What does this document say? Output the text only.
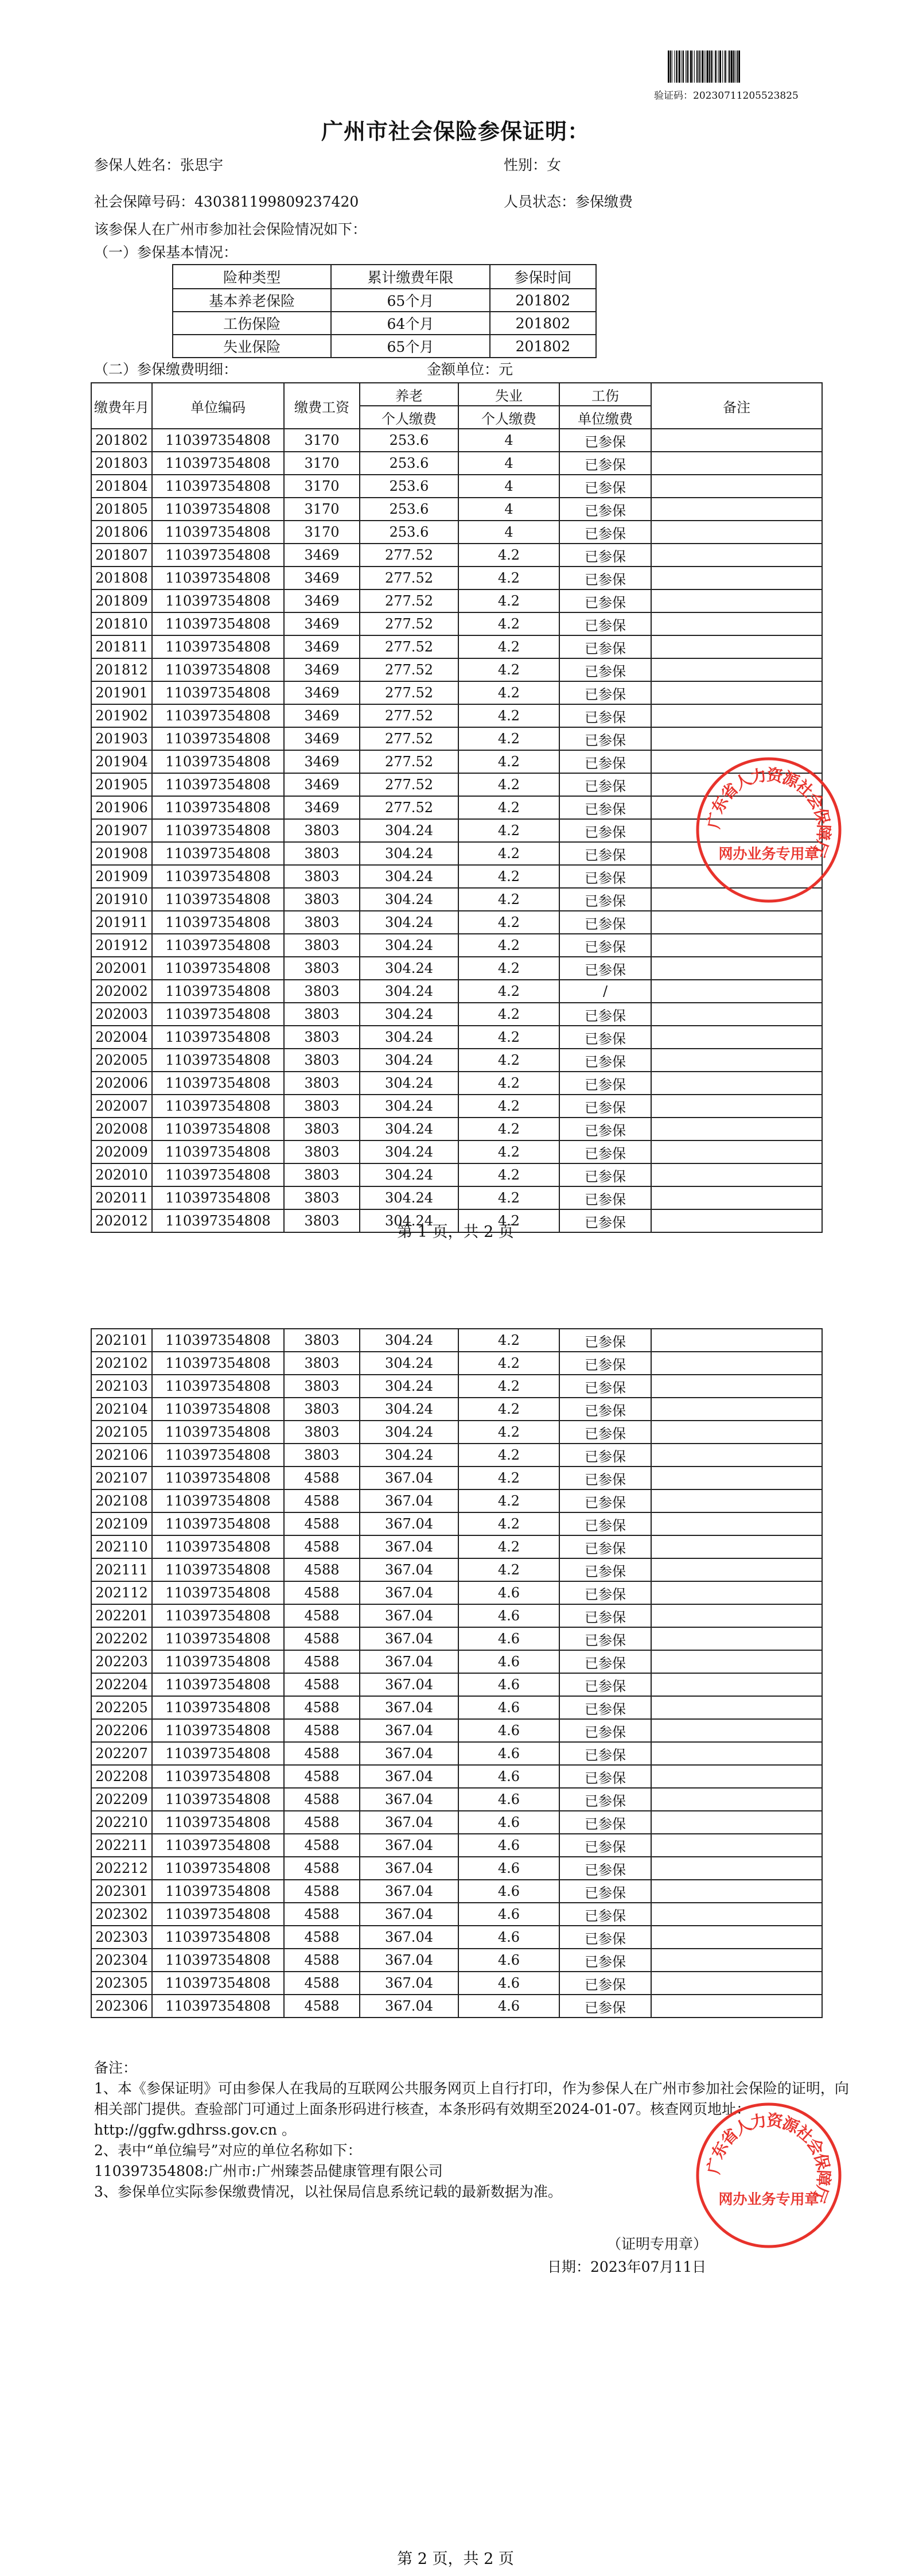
验证码：20230711205523825
广州市社会保险参保证明：
参保人姓名：张思宇	性别：女
社会保障号码：430381199809237420	人员状态：参保缴费
该参保人在广州市参加社会保险情况如下：
（一）参保基本情况：
险种类型	累计缴费年限	参保时间
基本养老保险	65个月	201802
工伤保险	64个月	201802
失业保险	65个月	201802
（二）参保缴费明细：	金额单位：元
缴费年月	单位编码	缴费工资	养老	失业	工伤	备注
			个人缴费	个人缴费	单位缴费	
201802	110397354808	3170	253.6	4	已参保	
201803	110397354808	3170	253.6	4	已参保	
201804	110397354808	3170	253.6	4	已参保	
201805	110397354808	3170	253.6	4	已参保	
201806	110397354808	3170	253.6	4	已参保	
201807	110397354808	3469	277.52	4.2	已参保	
201808	110397354808	3469	277.52	4.2	已参保	
201809	110397354808	3469	277.52	4.2	已参保	
201810	110397354808	3469	277.52	4.2	已参保	
201811	110397354808	3469	277.52	4.2	已参保	
201812	110397354808	3469	277.52	4.2	已参保	
201901	110397354808	3469	277.52	4.2	已参保	
201902	110397354808	3469	277.52	4.2	已参保	
201903	110397354808	3469	277.52	4.2	已参保	
201904	110397354808	3469	277.52	4.2	已参保	
201905	110397354808	3469	277.52	4.2	已参保	
201906	110397354808	3469	277.52	4.2	已参保	
201907	110397354808	3803	304.24	4.2	已参保	
201908	110397354808	3803	304.24	4.2	已参保	
201909	110397354808	3803	304.24	4.2	已参保	
201910	110397354808	3803	304.24	4.2	已参保	
201911	110397354808	3803	304.24	4.2	已参保	
201912	110397354808	3803	304.24	4.2	已参保	
202001	110397354808	3803	304.24	4.2	已参保	
202002	110397354808	3803	304.24	4.2	/	
202003	110397354808	3803	304.24	4.2	已参保	
202004	110397354808	3803	304.24	4.2	已参保	
202005	110397354808	3803	304.24	4.2	已参保	
202006	110397354808	3803	304.24	4.2	已参保	
202007	110397354808	3803	304.24	4.2	已参保	
202008	110397354808	3803	304.24	4.2	已参保	
202009	110397354808	3803	304.24	4.2	已参保	
202010	110397354808	3803	304.24	4.2	已参保	
202011	110397354808	3803	304.24	4.2	已参保	
202012	110397354808	3803	304.24	4.2	已参保	
第 1 页，共 2 页
广
东
省
人
力
资
源
社
会
保
障
厅
网办业务专用章
202101	110397354808	3803	304.24	4.2	已参保	
202102	110397354808	3803	304.24	4.2	已参保	
202103	110397354808	3803	304.24	4.2	已参保	
202104	110397354808	3803	304.24	4.2	已参保	
202105	110397354808	3803	304.24	4.2	已参保	
202106	110397354808	3803	304.24	4.2	已参保	
202107	110397354808	4588	367.04	4.2	已参保	
202108	110397354808	4588	367.04	4.2	已参保	
202109	110397354808	4588	367.04	4.2	已参保	
202110	110397354808	4588	367.04	4.2	已参保	
202111	110397354808	4588	367.04	4.2	已参保	
202112	110397354808	4588	367.04	4.6	已参保	
202201	110397354808	4588	367.04	4.6	已参保	
202202	110397354808	4588	367.04	4.6	已参保	
202203	110397354808	4588	367.04	4.6	已参保	
202204	110397354808	4588	367.04	4.6	已参保	
202205	110397354808	4588	367.04	4.6	已参保	
202206	110397354808	4588	367.04	4.6	已参保	
202207	110397354808	4588	367.04	4.6	已参保	
202208	110397354808	4588	367.04	4.6	已参保	
202209	110397354808	4588	367.04	4.6	已参保	
202210	110397354808	4588	367.04	4.6	已参保	
202211	110397354808	4588	367.04	4.6	已参保	
202212	110397354808	4588	367.04	4.6	已参保	
202301	110397354808	4588	367.04	4.6	已参保	
202302	110397354808	4588	367.04	4.6	已参保	
202303	110397354808	4588	367.04	4.6	已参保	
202304	110397354808	4588	367.04	4.6	已参保	
202305	110397354808	4588	367.04	4.6	已参保	
202306	110397354808	4588	367.04	4.6	已参保	

备注：

1、本《参保证明》可由参保人在我局的互联网公共服务网页上自行打印，作为参保人在广州市参加社会保险的证明，向相关部门提供。查验部门可通过上面条形码进行核查，本条形码有效期至2024-01-07。核查网页地址：http://ggfw.gdhrss.gov.cn 。

2、表中“单位编号”对应的单位名称如下：

110397354808:广州市:广州臻荟品健康管理有限公司

3、参保单位实际参保缴费情况，以社保局信息系统记载的最新数据为准。

（证明专用章）
日期：2023年07月11日
第 2 页，共 2 页
广
东
省
人
力
资
源
社
会
保
障
厅
网办业务专用章
